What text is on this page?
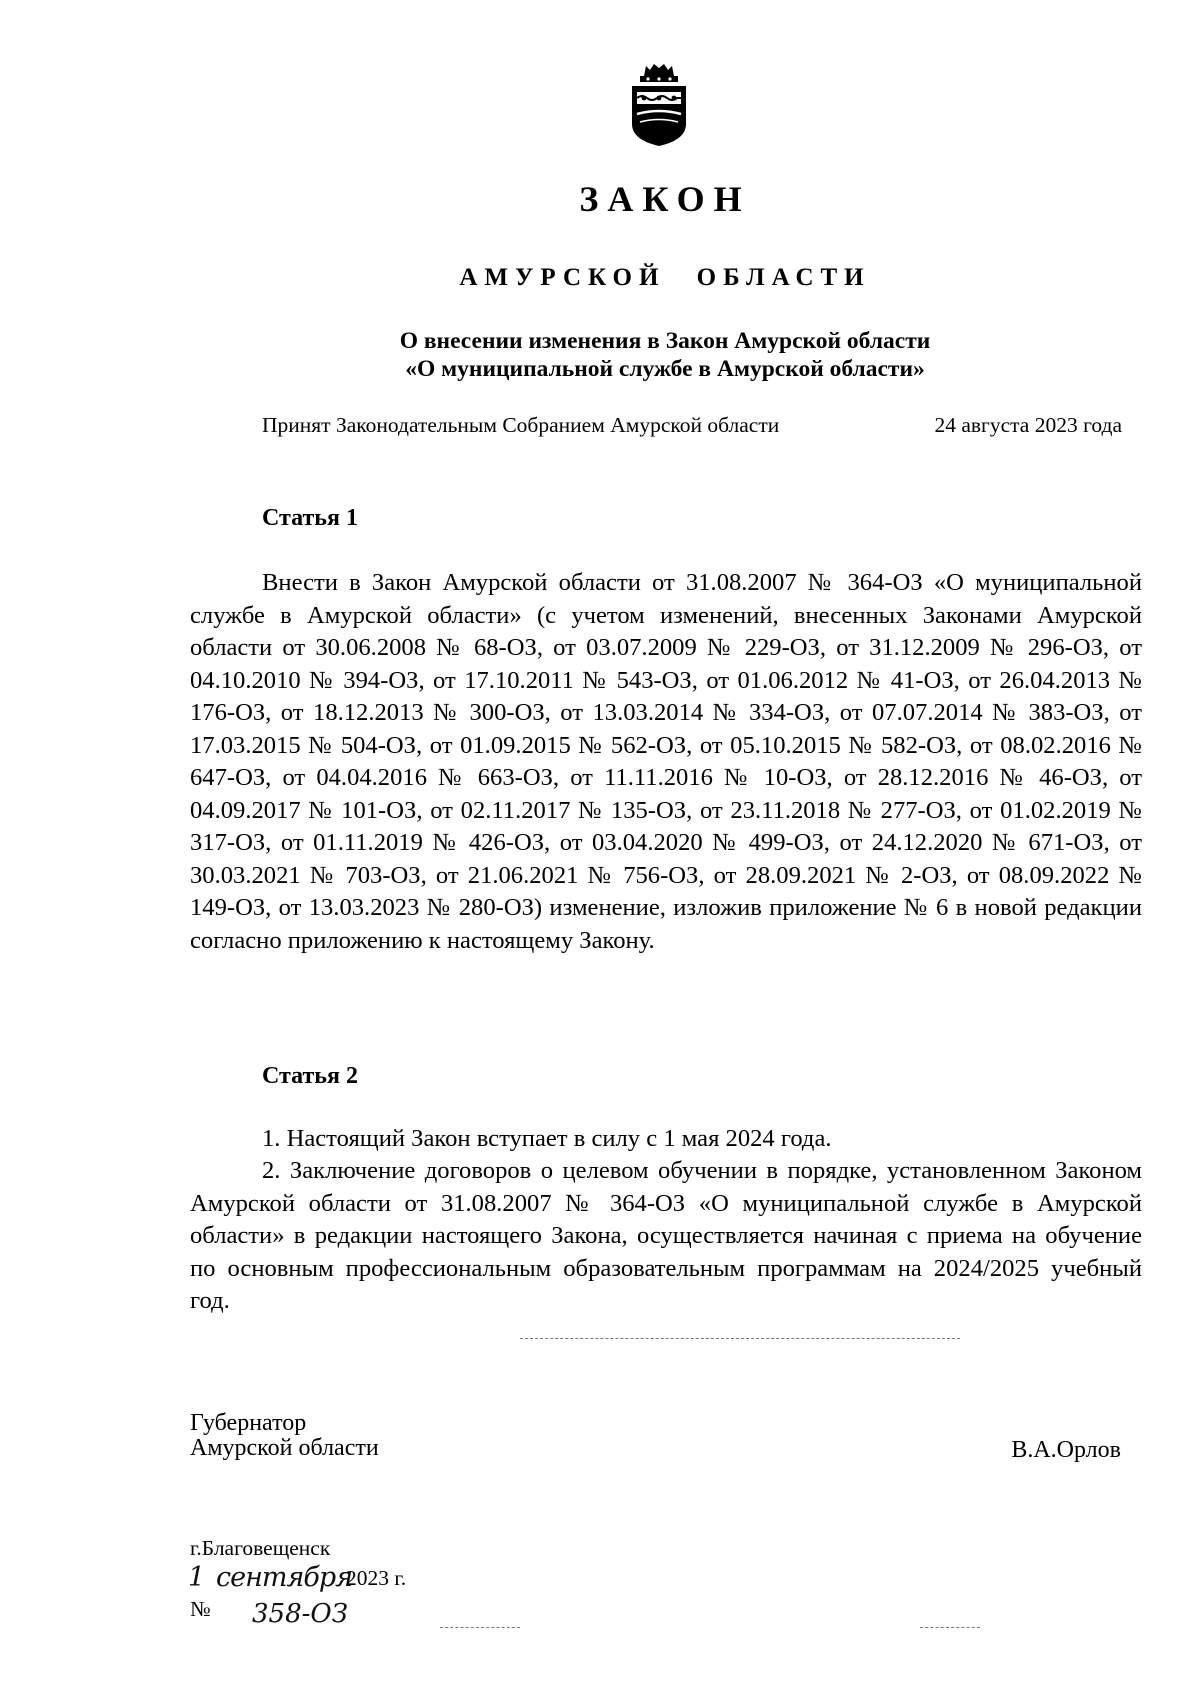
ЗАКОН
АМУРСКОЙ ОБЛАСТИ
О внесении изменения в Закон Амурской области
«О муниципальной службе в Амурской области»
Принят Законодательным Собранием Амурской области	24 августа 2023 года
Статья 1

Внести в Закон Амурской области от 31.08.2007 № 364-ОЗ «О муниципальной службе в Амурской области» (с учетом изменений, внесенных Законами Амурской области от 30.06.2008 № 68-ОЗ, от 03.07.2009 № 229-ОЗ, от 31.12.2009 № 296-ОЗ, от 04.10.2010 № 394-ОЗ, от 17.10.2011 № 543-ОЗ, от 01.06.2012 № 41-ОЗ, от 26.04.2013 № 176-ОЗ, от 18.12.2013 № 300-ОЗ, от 13.03.2014 № 334-ОЗ, от 07.07.2014 № 383-ОЗ, от 17.03.2015 № 504-ОЗ, от 01.09.2015 № 562-ОЗ, от 05.10.2015 № 582-ОЗ, от 08.02.2016 № 647-ОЗ, от 04.04.2016 № 663-ОЗ, от 11.11.2016 № 10-ОЗ, от 28.12.2016 № 46-ОЗ, от 04.09.2017 № 101-ОЗ, от 02.11.2017 № 135-ОЗ, от 23.11.2018 № 277-ОЗ, от 01.02.2019 № 317-ОЗ, от 01.11.2019 № 426-ОЗ, от 03.04.2020 № 499-ОЗ, от 24.12.2020 № 671-ОЗ, от 30.03.2021 № 703-ОЗ, от 21.06.2021 № 756-ОЗ, от 28.09.2021 № 2-ОЗ, от 08.09.2022 № 149-ОЗ, от 13.03.2023 № 280-ОЗ) изменение, изложив приложение № 6 в новой редакции согласно приложению к настоящему Закону.

Статья 2

1. Настоящий Закон вступает в силу с 1 мая 2024 года.

2. Заключение договоров о целевом обучении в порядке, установленном Законом Амурской области от 31.08.2007 № 364-ОЗ «О муниципальной службе в Амурской области» в редакции настоящего Закона, осуществляется начиная с приема на обучение по основным профессиональным образовательным программам на 2024/2025 учебный год.

Губернатор
Амурской области	В.А.Орлов
г.Благовещенск
1 сентября
2023 г.
№ 358-ОЗ
